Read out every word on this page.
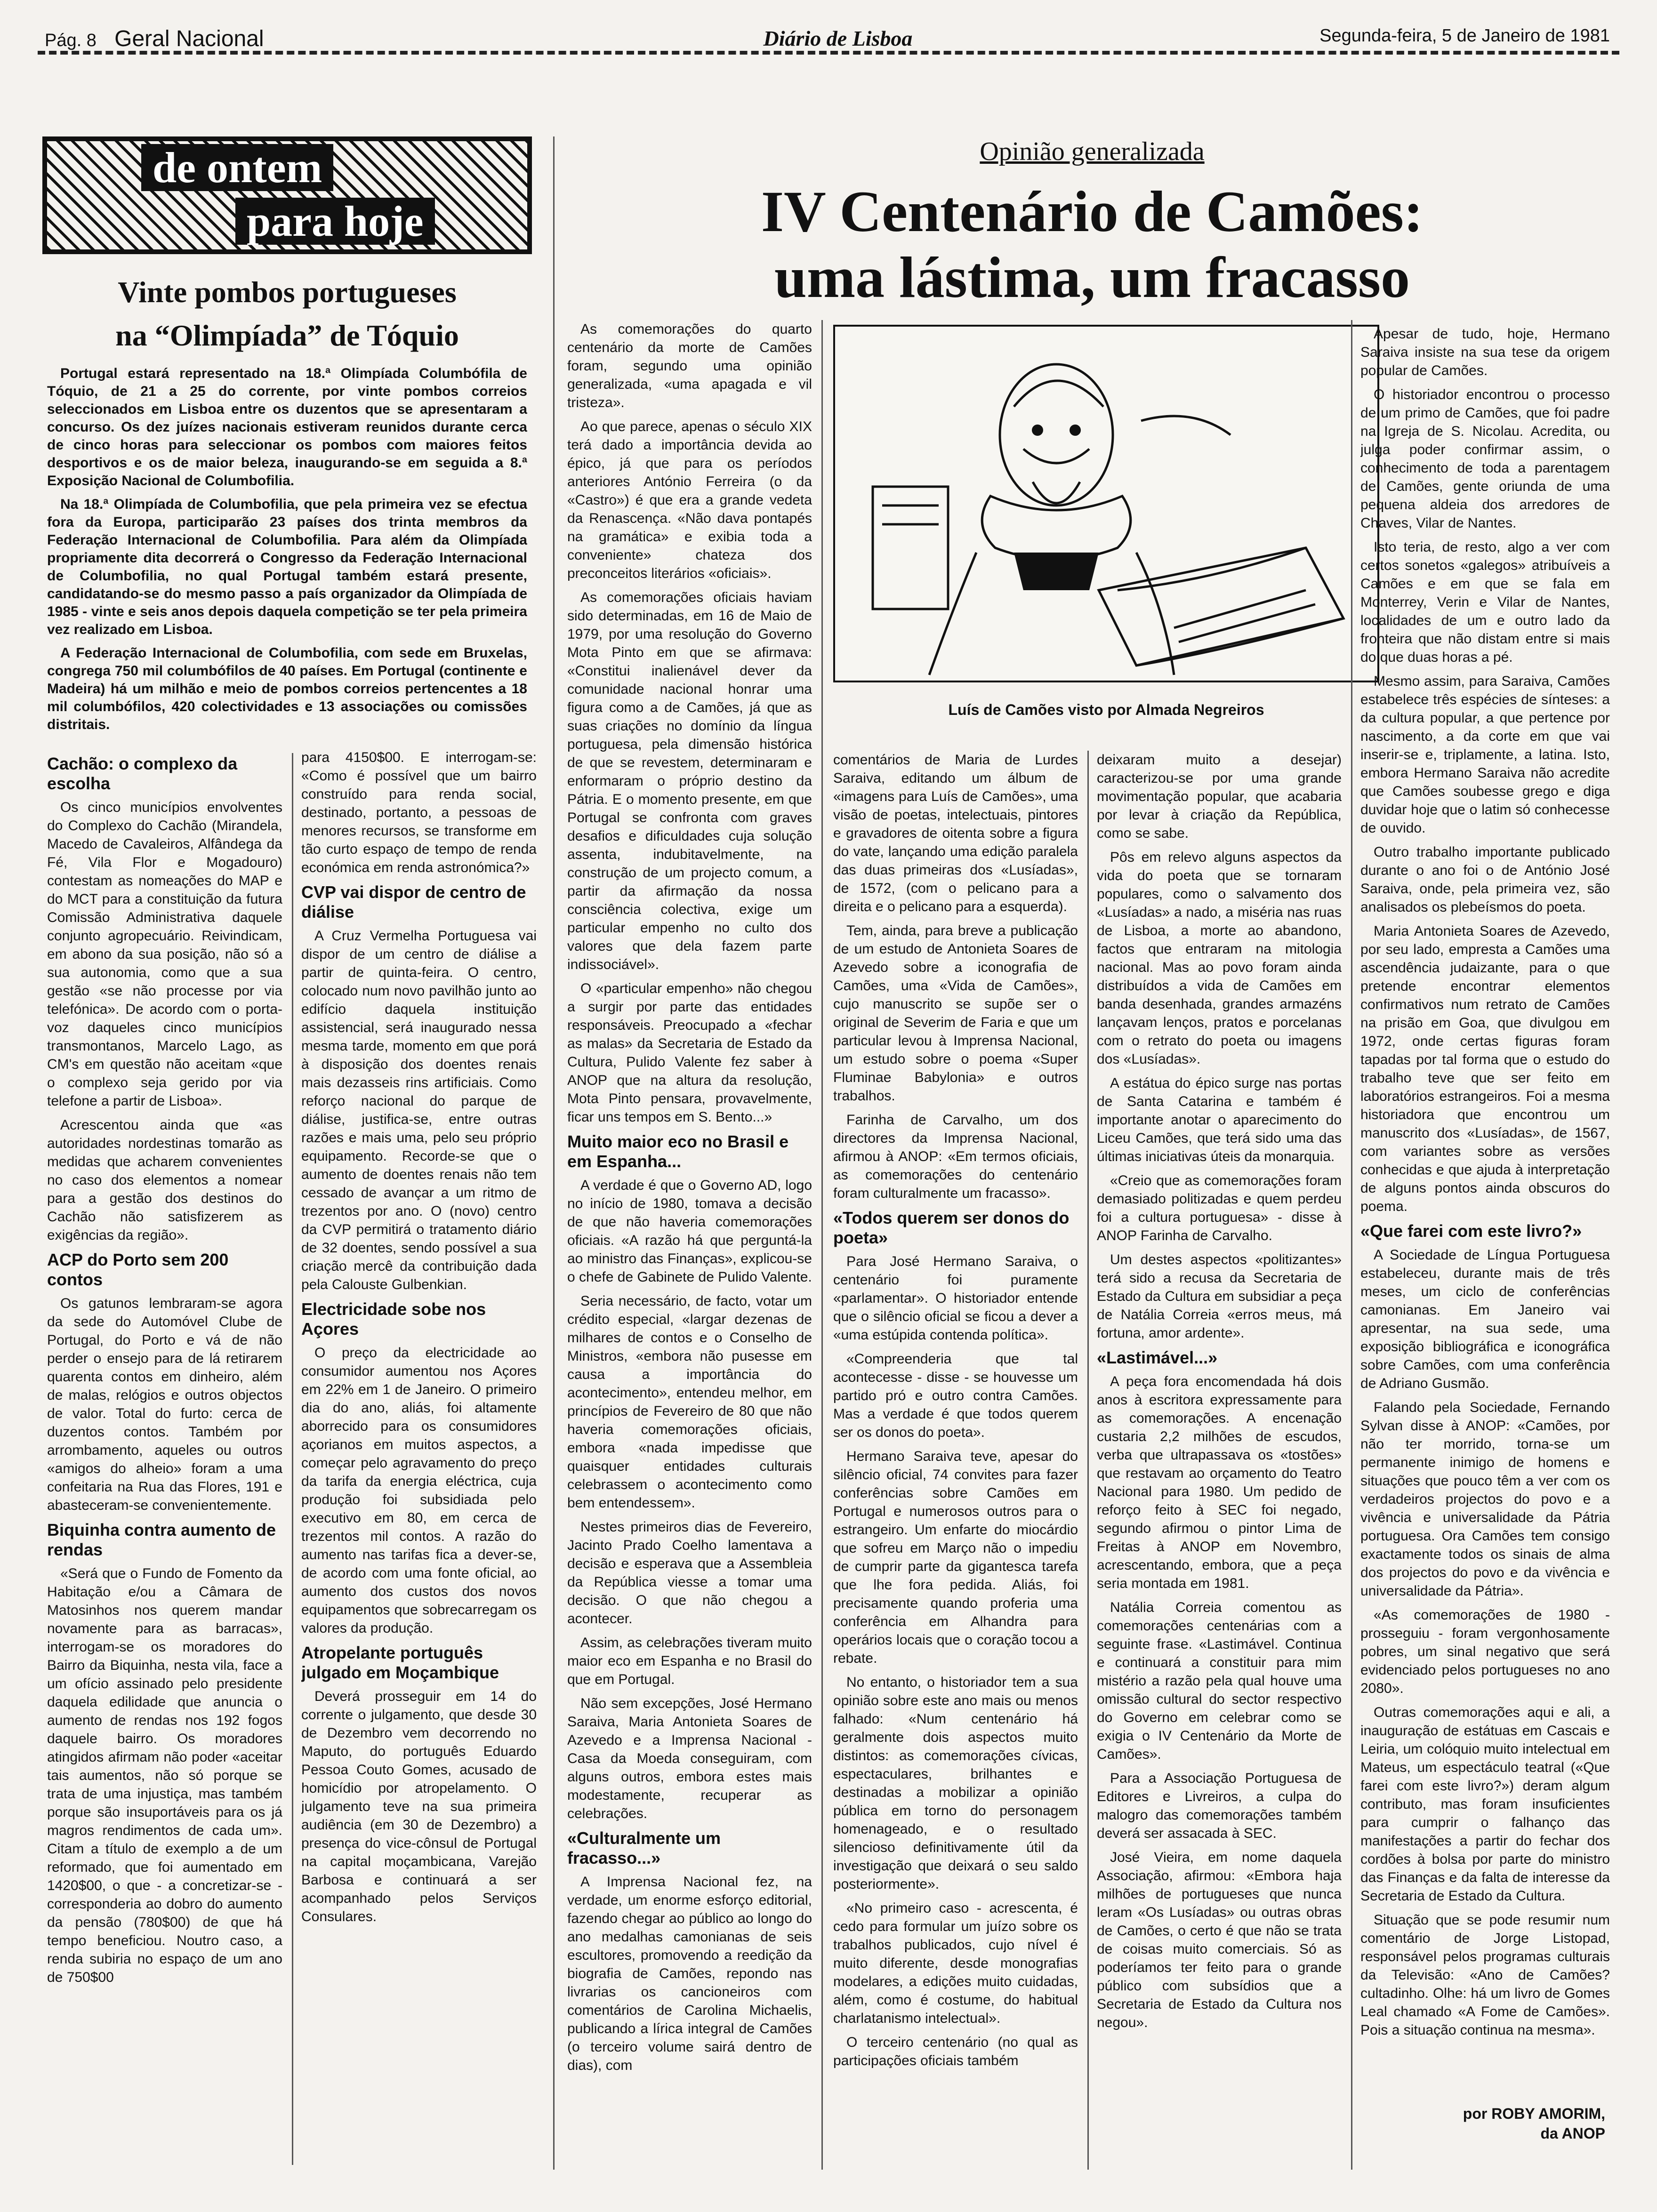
Pág. 8 Geral Nacional	Diário de Lisboa	Segunda-feira, 5 de Janeiro de 1981
de ontem
para hoje
Vinte pombos portugueses
na “Olimpíada” de Tóquio

Portugal estará representado na 18.ª Olimpíada Columbófila de Tóquio, de 21 a 25 do corrente, por vinte pombos correios seleccionados em Lisboa entre os duzentos que se apresentaram a concurso. Os dez juízes nacionais estiveram reunidos durante cerca de cinco horas para seleccionar os pombos com maiores feitos desportivos e os de maior beleza, inaugurando-se em seguida a 8.ª Exposição Nacional de Columbofilia.

Na 18.ª Olimpíada de Columbofilia, que pela primeira vez se efectua fora da Europa, participarão 23 países dos trinta membros da Federação Internacional de Columbofilia. Para além da Olimpíada propriamente dita decorrerá o Congresso da Federação Internacional de Columbofilia, no qual Portugal também estará presente, candidatando-se do mesmo passo a país organizador da Olimpíada de 1985 - vinte e seis anos depois daquela competição se ter pela primeira vez realizado em Lisboa.

A Federação Internacional de Columbofilia, com sede em Bruxelas, congrega 750 mil columbófilos de 40 países. Em Portugal (continente e Madeira) há um milhão e meio de pombos correios pertencentes a 18 mil columbófilos, 420 colectividades e 13 associações ou comissões distritais.

Cachão: o complexo da escolha

Os cinco municípios envolventes do Complexo do Cachão (Mirandela, Macedo de Cavaleiros, Alfândega da Fé, Vila Flor e Mogadouro) contestam as nomeações do MAP e do MCT para a constituição da futura Comissão Administrativa daquele conjunto agropecuário. Reivindicam, em abono da sua posição, não só a sua autonomia, como que a sua gestão «se não processe por via telefónica». De acordo com o porta-voz daqueles cinco municípios transmontanos, Marcelo Lago, as CM's em questão não aceitam «que o complexo seja gerido por via telefone a partir de Lisboa».

Acrescentou ainda que «as autoridades nordestinas tomarão as medidas que acharem convenientes no caso dos elementos a nomear para a gestão dos destinos do Cachão não satisfizerem as exigências da região».

ACP do Porto sem 200 contos

Os gatunos lembraram-se agora da sede do Automóvel Clube de Portugal, do Porto e vá de não perder o ensejo para de lá retirarem quarenta contos em dinheiro, além de malas, relógios e outros objectos de valor. Total do furto: cerca de duzentos contos. Também por arrombamento, aqueles ou outros «amigos do alheio» foram a uma confeitaria na Rua das Flores, 191 e abasteceram-se convenientemente.

Biquinha contra aumento de rendas

«Será que o Fundo de Fomento da Habitação e/ou a Câmara de Matosinhos nos querem mandar novamente para as barracas», interrogam-se os moradores do Bairro da Biquinha, nesta vila, face a um ofício assinado pelo presidente daquela edilidade que anuncia o aumento de rendas nos 192 fogos daquele bairro. Os moradores atingidos afirmam não poder «aceitar tais aumentos, não só porque se trata de uma injustiça, mas também porque são insuportáveis para os já magros rendimentos de cada um». Citam a título de exemplo a de um reformado, que foi aumentado em 1420$00, o que - a concretizar-se - corresponderia ao dobro do aumento da pensão (780$00) de que há tempo beneficiou. Noutro caso, a renda subiria no espaço de um ano de 750$00

para 4150$00. E interrogam-se: «Como é possível que um bairro construído para renda social, destinado, portanto, a pessoas de menores recursos, se transforme em tão curto espaço de tempo de renda económica em renda astronómica?»

CVP vai dispor de centro de diálise

A Cruz Vermelha Portuguesa vai dispor de um centro de diálise a partir de quinta-feira. O centro, colocado num novo pavilhão junto ao edifício daquela instituição assistencial, será inaugurado nessa mesma tarde, momento em que porá à disposição dos doentes renais mais dezasseis rins artificiais. Como reforço nacional do parque de diálise, justifica-se, entre outras razões e mais uma, pelo seu próprio equipamento. Recorde-se que o aumento de doentes renais não tem cessado de avançar a um ritmo de trezentos por ano. O (novo) centro da CVP permitirá o tratamento diário de 32 doentes, sendo possível a sua criação mercê da contribuição dada pela Calouste Gulbenkian.

Electricidade sobe nos Açores

O preço da electricidade ao consumidor aumentou nos Açores em 22% em 1 de Janeiro. O primeiro dia do ano, aliás, foi altamente aborrecido para os consumidores açorianos em muitos aspectos, a começar pelo agravamento do preço da tarifa da energia eléctrica, cuja produção foi subsidiada pelo executivo em 80, em cerca de trezentos mil contos. A razão do aumento nas tarifas fica a dever-se, de acordo com uma fonte oficial, ao aumento dos custos dos novos equipamentos que sobrecarregam os valores da produção.

Atropelante português julgado em Moçambique

Deverá prosseguir em 14 do corrente o julgamento, que desde 30 de Dezembro vem decorrendo no Maputo, do português Eduardo Pessoa Couto Gomes, acusado de homicídio por atropelamento. O julgamento teve na sua primeira audiência (em 30 de Dezembro) a presença do vice-cônsul de Portugal na capital moçambicana, Varejão Barbosa e continuará a ser acompanhado pelos Serviços Consulares.

Opinião generalizada
IV Centenário de Camões:
uma lástima, um fracasso

As comemorações do quarto centenário da morte de Camões foram, segundo uma opinião generalizada, «uma apagada e vil tristeza».

Ao que parece, apenas o século XIX terá dado a importância devida ao épico, já que para os períodos anteriores António Ferreira (o da «Castro») é que era a grande vedeta da Renascença. «Não dava pontapés na gramática» e exibia toda a conveniente» chateza dos preconceitos literários «oficiais».

As comemorações oficiais haviam sido determinadas, em 16 de Maio de 1979, por uma resolução do Governo Mota Pinto em que se afirmava: «Constitui inalienável dever da comunidade nacional honrar uma figura como a de Camões, já que as suas criações no domínio da língua portuguesa, pela dimensão histórica de que se revestem, determinaram e enformaram o próprio destino da Pátria. E o momento presente, em que Portugal se confronta com graves desafios e dificuldades cuja solução assenta, indubitavelmente, na construção de um projecto comum, a partir da afirmação da nossa consciência colectiva, exige um particular empenho no culto dos valores que dela fazem parte indissociável».

O «particular empenho» não chegou a surgir por parte das entidades responsáveis. Preocupado a «fechar as malas» da Secretaria de Estado da Cultura, Pulido Valente fez saber à ANOP que na altura da resolução, Mota Pinto pensara, provavelmente, ficar uns tempos em S. Bento...»

Muito maior eco no Brasil e em Espanha...

A verdade é que o Governo AD, logo no início de 1980, tomava a decisão de que não haveria comemorações oficiais. «A razão há que perguntá-la ao ministro das Finanças», explicou-se o chefe de Gabinete de Pulido Valente.

Seria necessário, de facto, votar um crédito especial, «largar dezenas de milhares de contos e o Conselho de Ministros, «embora não pusesse em causa a importância do acontecimento», entendeu melhor, em princípios de Fevereiro de 80 que não haveria comemorações oficiais, embora «nada impedisse que quaisquer entidades culturais celebrassem o acontecimento como bem entendessem».

Nestes primeiros dias de Fevereiro, Jacinto Prado Coelho lamentava a decisão e esperava que a Assembleia da República viesse a tomar uma decisão. O que não chegou a acontecer.

Assim, as celebrações tiveram muito maior eco em Espanha e no Brasil do que em Portugal.

Não sem excepções, José Hermano Saraiva, Maria Antonieta Soares de Azevedo e a Imprensa Nacional - Casa da Moeda conseguiram, com alguns outros, embora estes mais modestamente, recuperar as celebrações.

«Culturalmente um fracasso...»

A Imprensa Nacional fez, na verdade, um enorme esforço editorial, fazendo chegar ao público ao longo do ano medalhas camonianas de seis escultores, promovendo a reedição da biografia de Camões, repondo nas livrarias os cancioneiros com comentários de Carolina Michaelis, publicando a lírica integral de Camões (o terceiro volume sairá dentro de dias), com

Luís de Camões visto por Almada Negreiros

comentários de Maria de Lurdes Saraiva, editando um álbum de «imagens para Luís de Camões», uma visão de poetas, intelectuais, pintores e gravadores de oitenta sobre a figura do vate, lançando uma edição paralela das duas primeiras dos «Lusíadas», de 1572, (com o pelicano para a direita e o pelicano para a esquerda).

Tem, ainda, para breve a publicação de um estudo de Antonieta Soares de Azevedo sobre a iconografia de Camões, uma «Vida de Camões», cujo manuscrito se supõe ser o original de Severim de Faria e que um particular levou à Imprensa Nacional, um estudo sobre o poema «Super Fluminae Babylonia» e outros trabalhos.

Farinha de Carvalho, um dos directores da Imprensa Nacional, afirmou à ANOP: «Em termos oficiais, as comemorações do centenário foram culturalmente um fracasso».

«Todos querem ser donos do poeta»

Para José Hermano Saraiva, o centenário foi puramente «parlamentar». O historiador entende que o silêncio oficial se ficou a dever a «uma estúpida contenda política».

«Compreenderia que tal acontecesse - disse - se houvesse um partido pró e outro contra Camões. Mas a verdade é que todos querem ser os donos do poeta».

Hermano Saraiva teve, apesar do silêncio oficial, 74 convites para fazer conferências sobre Camões em Portugal e numerosos outros para o estrangeiro. Um enfarte do miocárdio que sofreu em Março não o impediu de cumprir parte da gigantesca tarefa que lhe fora pedida. Aliás, foi precisamente quando proferia uma conferência em Alhandra para operários locais que o coração tocou a rebate.

No entanto, o historiador tem a sua opinião sobre este ano mais ou menos falhado: «Num centenário há geralmente dois aspectos muito distintos: as comemorações cívicas, espectaculares, brilhantes e destinadas a mobilizar a opinião pública em torno do personagem homenageado, e o resultado silencioso definitivamente útil da investigação que deixará o seu saldo posteriormente».

«No primeiro caso - acrescenta, é cedo para formular um juízo sobre os trabalhos publicados, cujo nível é muito diferente, desde monografias modelares, a edições muito cuidadas, além, como é costume, do habitual charlatanismo intelectual».

O terceiro centenário (no qual as participações oficiais também

deixaram muito a desejar) caracterizou-se por uma grande movimentação popular, que acabaria por levar à criação da República, como se sabe.

Pôs em relevo alguns aspectos da vida do poeta que se tornaram populares, como o salvamento dos «Lusíadas» a nado, a miséria nas ruas de Lisboa, a morte ao abandono, factos que entraram na mitologia nacional. Mas ao povo foram ainda distribuídos a vida de Camões em banda desenhada, grandes armazéns lançavam lenços, pratos e porcelanas com o retrato do poeta ou imagens dos «Lusíadas».

A estátua do épico surge nas portas de Santa Catarina e também é importante anotar o aparecimento do Liceu Camões, que terá sido uma das últimas iniciativas úteis da monarquia.

«Creio que as comemorações foram demasiado politizadas e quem perdeu foi a cultura portuguesa» - disse à ANOP Farinha de Carvalho.

Um destes aspectos «politizantes» terá sido a recusa da Secretaria de Estado da Cultura em subsidiar a peça de Natália Correia «erros meus, má fortuna, amor ardente».

«Lastimável...»

A peça fora encomendada há dois anos à escritora expressamente para as comemorações. A encenação custaria 2,2 milhões de escudos, verba que ultrapassava os «tostões» que restavam ao orçamento do Teatro Nacional para 1980. Um pedido de reforço feito à SEC foi negado, segundo afirmou o pintor Lima de Freitas à ANOP em Novembro, acrescentando, embora, que a peça seria montada em 1981.

Natália Correia comentou as comemorações centenárias com a seguinte frase. «Lastimável. Continua e continuará a constituir para mim mistério a razão pela qual houve uma omissão cultural do sector respectivo do Governo em celebrar como se exigia o IV Centenário da Morte de Camões».

Para a Associação Portuguesa de Editores e Livreiros, a culpa do malogro das comemorações também deverá ser assacada à SEC.

José Vieira, em nome daquela Associação, afirmou: «Embora haja milhões de portugueses que nunca leram «Os Lusíadas» ou outras obras de Camões, o certo é que não se trata de coisas muito comerciais. Só as poderíamos ter feito para o grande público com subsídios que a Secretaria de Estado da Cultura nos negou».

Apesar de tudo, hoje, Hermano Saraiva insiste na sua tese da origem popular de Camões.

O historiador encontrou o processo de um primo de Camões, que foi padre na Igreja de S. Nicolau. Acredita, ou julga poder confirmar assim, o conhecimento de toda a parentagem de Camões, gente oriunda de uma pequena aldeia dos arredores de Chaves, Vilar de Nantes.

Isto teria, de resto, algo a ver com certos sonetos «galegos» atribuíveis a Camões e em que se fala em Monterrey, Verin e Vilar de Nantes, localidades de um e outro lado da fronteira que não distam entre si mais do que duas horas a pé.

Mesmo assim, para Saraiva, Camões estabelece três espécies de sínteses: a da cultura popular, a que pertence por nascimento, a da corte em que vai inserir-se e, triplamente, a latina. Isto, embora Hermano Saraiva não acredite que Camões soubesse grego e diga duvidar hoje que o latim só conhecesse de ouvido.

Outro trabalho importante publicado durante o ano foi o de António José Saraiva, onde, pela primeira vez, são analisados os plebeísmos do poeta.

Maria Antonieta Soares de Azevedo, por seu lado, empresta a Camões uma ascendência judaizante, para o que pretende encontrar elementos confirmativos num retrato de Camões na prisão em Goa, que divulgou em 1972, onde certas figuras foram tapadas por tal forma que o estudo do trabalho teve que ser feito em laboratórios estrangeiros. Foi a mesma historiadora que encontrou um manuscrito dos «Lusíadas», de 1567, com variantes sobre as versões conhecidas e que ajuda à interpretação de alguns pontos ainda obscuros do poema.

«Que farei com este livro?»

A Sociedade de Língua Portuguesa estabeleceu, durante mais de três meses, um ciclo de conferências camonianas. Em Janeiro vai apresentar, na sua sede, uma exposição bibliográfica e iconográfica sobre Camões, com uma conferência de Adriano Gusmão.

Falando pela Sociedade, Fernando Sylvan disse à ANOP: «Camões, por não ter morrido, torna-se um permanente inimigo de homens e situações que pouco têm a ver com os verdadeiros projectos do povo e a vivência e universalidade da Pátria portuguesa. Ora Camões tem consigo exactamente todos os sinais de alma dos projectos do povo e da vivência e universalidade da Pátria».

«As comemorações de 1980 - prosseguiu - foram vergonhosamente pobres, um sinal negativo que será evidenciado pelos portugueses no ano 2080».

Outras comemorações aqui e ali, a inauguração de estátuas em Cascais e Leiria, um colóquio muito intelectual em Mateus, um espectáculo teatral («Que farei com este livro?») deram algum contributo, mas foram insuficientes para cumprir o falhanço das manifestações a partir do fechar dos cordões à bolsa por parte do ministro das Finanças e da falta de interesse da Secretaria de Estado da Cultura.

Situação que se pode resumir num comentário de Jorge Listopad, responsável pelos programas culturais da Televisão: «Ano de Camões? cultadinho. Olhe: há um livro de Gomes Leal chamado «A Fome de Camões». Pois a situação continua na mesma».

por ROBY AMORIM,
da ANOP
